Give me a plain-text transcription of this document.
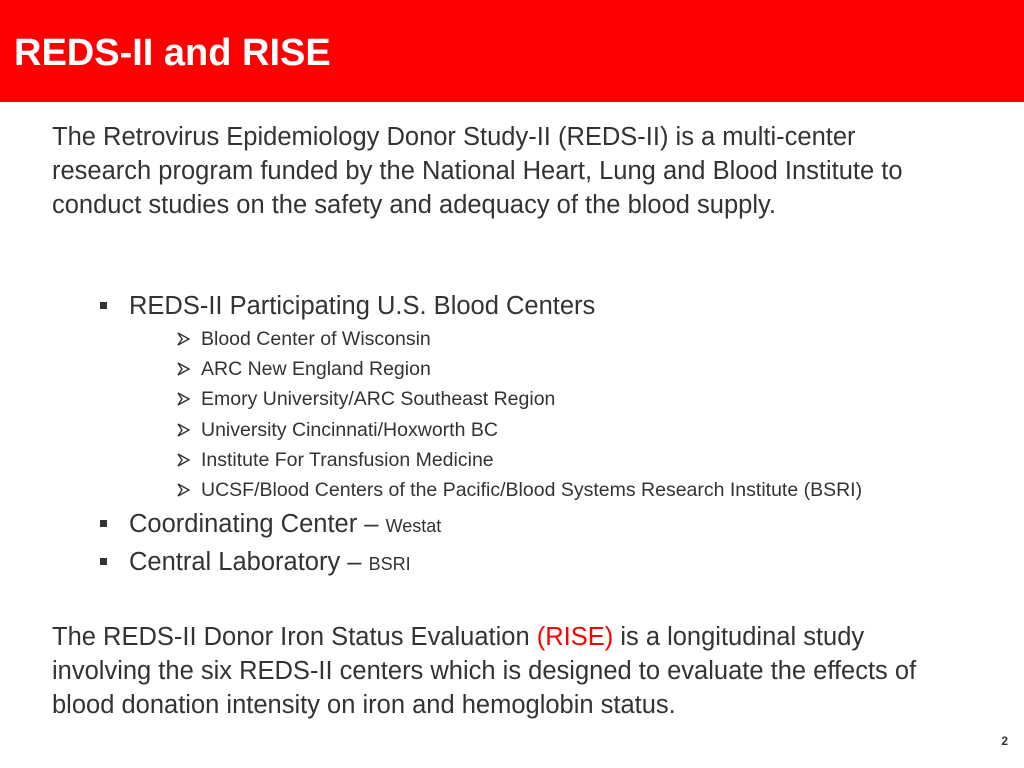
REDS-II and RISE

The Retrovirus Epidemiology Donor Study-II (REDS-II) is a multi-center research program funded by the National Heart, Lung and Blood Institute to conduct studies on the safety and adequacy of the blood supply.

REDS-II Participating U.S. Blood Centers
Blood Center of Wisconsin
ARC New England Region
Emory University/ARC Southeast Region
University Cincinnati/Hoxworth BC
Institute For Transfusion Medicine
UCSF/Blood Centers of the Pacific/Blood Systems Research Institute (BSRI)
Coordinating Center – Westat
Central Laboratory – BSRI

The REDS-II Donor Iron Status Evaluation (RISE) is a longitudinal study involving the six REDS-II centers which is designed to evaluate the effects of blood donation intensity on iron and hemoglobin status.

2
